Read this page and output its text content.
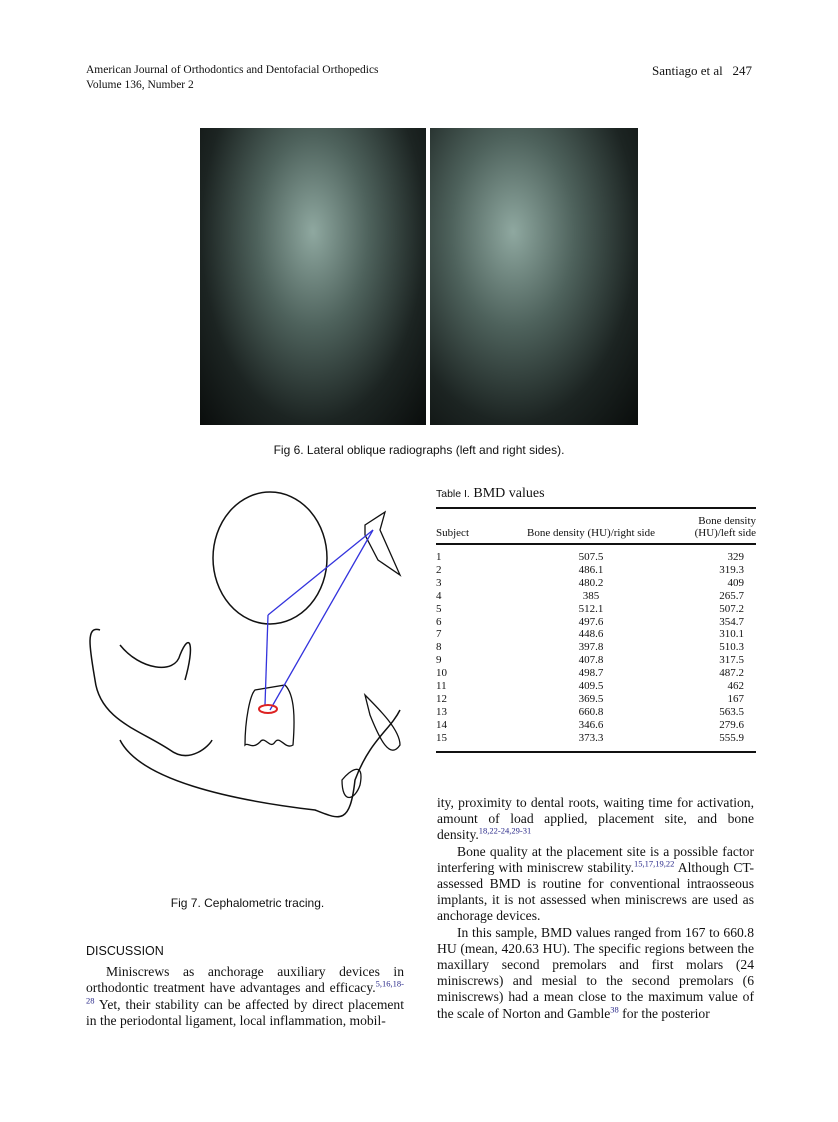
American Journal of Orthodontics and Dentofacial Orthopedics
Volume 136, Number 2
Santiago et al 247
Fig 6. Lateral oblique radiographs (left and right sides).
Fig 7. Cephalometric tracing.
Table I. BMD values
Subject	Bone density (HU)/right side	Bone density (HU)/left side
1	507.5	329
2	486.1	319.3
3	480.2	409
4	385	265.7
5	512.1	507.2
6	497.6	354.7
7	448.6	310.1
8	397.8	510.3
9	407.8	317.5
10	498.7	487.2
11	409.5	462
12	369.5	167
13	660.8	563.5
14	346.6	279.6
15	373.3	555.9
DISCUSSION

Miniscrews as anchorage auxiliary devices in orthodontic treatment have advantages and efficacy.$^{5,16,18-28}$ Yet, their stability can be affected by direct placement in the periodontal ligament, local inflammation, mobil-

ity, proximity to dental roots, waiting time for activation, amount of load applied, placement site, and bone density.$^{18,22-24,29-31}$

Bone quality at the placement site is a possible factor interfering with miniscrew stability.$^{15,17,19,22}$ Although CT-assessed BMD is routine for conventional intraosseous implants, it is not assessed when miniscrews are used as anchorage devices.

In this sample, BMD values ranged from 167 to 660.8 HU (mean, 420.63 HU). The specific regions between the maxillary second premolars and first molars (24 miniscrews) and mesial to the second premolars (6 miniscrews) had a mean close to the maximum value of the scale of Norton and Gamble$^{38}$ for the posterior
